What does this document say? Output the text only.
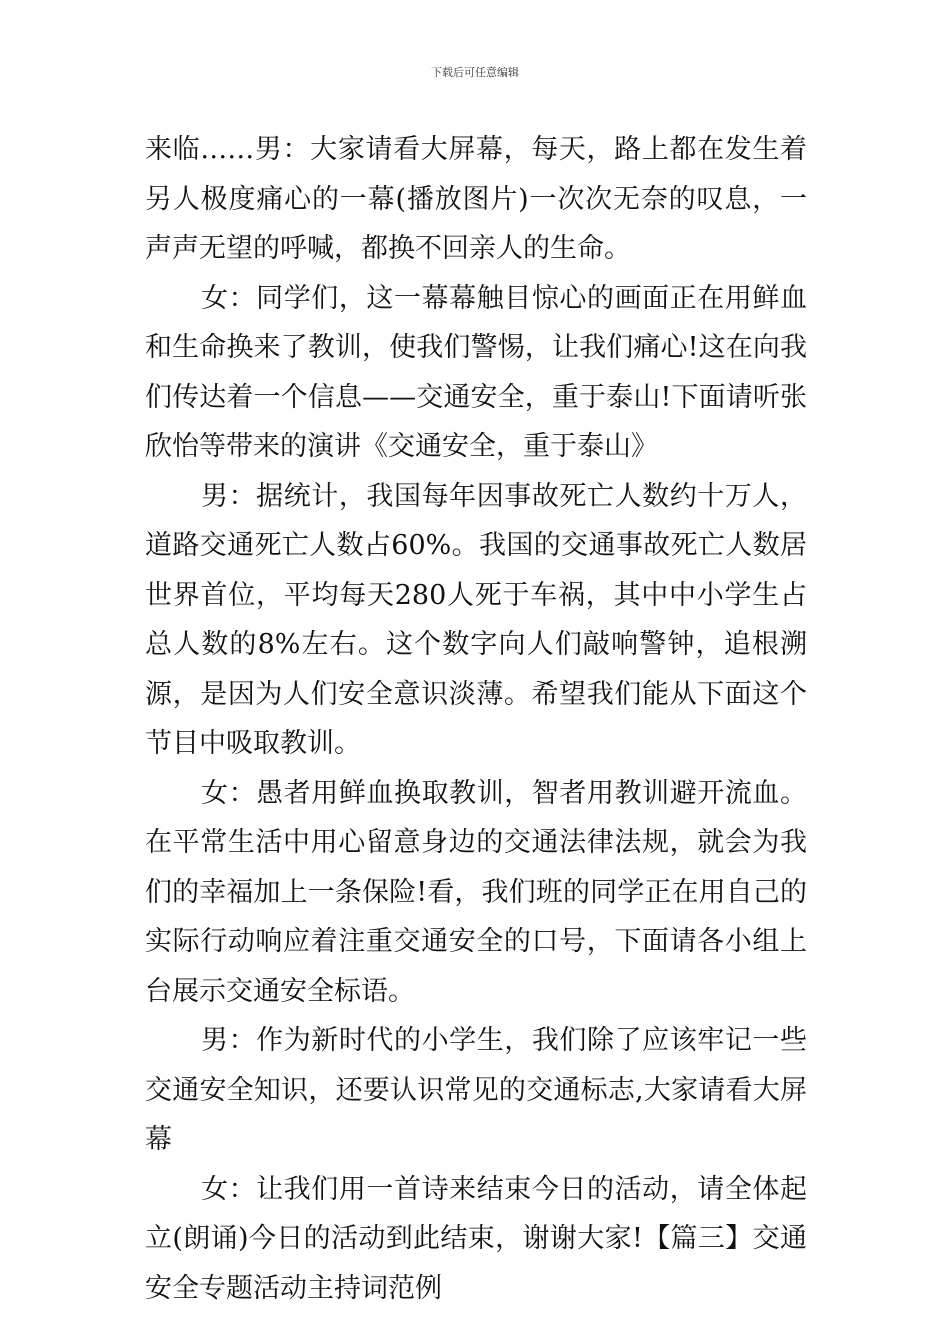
下载后可任意编辑

来临……男：大家请看大屏幕，每天，路上都在发生着另人极度痛心的一幕(播放图片)一次次无奈的叹息，一声声无望的呼喊，都换不回亲人的生命。

女：同学们，这一幕幕触目惊心的画面正在用鲜血和生命换来了教训，使我们警惕，让我们痛心!这在向我们传达着一个信息——交通安全，重于泰山!下面请听张欣怡等带来的演讲《交通安全，重于泰山》

男：据统计，我国每年因事故死亡人数约十万人，道路交通死亡人数占60%。我国的交通事故死亡人数居世界首位，平均每天280人死于车祸，其中中小学生占总人数的8%左右。这个数字向人们敲响警钟，追根溯源，是因为人们安全意识淡薄。希望我们能从下面这个节目中吸取教训。

女：愚者用鲜血换取教训，智者用教训避开流血。在平常生活中用心留意身边的交通法律法规，就会为我们的幸福加上一条保险!看，我们班的同学正在用自己的实际行动响应着注重交通安全的口号，下面请各小组上台展示交通安全标语。

男：作为新时代的小学生，我们除了应该牢记一些交通安全知识，还要认识常见的交通标志,大家请看大屏幕

女：让我们用一首诗来结束今日的活动，请全体起立(朗诵)今日的活动到此结束，谢谢大家!【篇三】交通安全专题活动主持词范例
